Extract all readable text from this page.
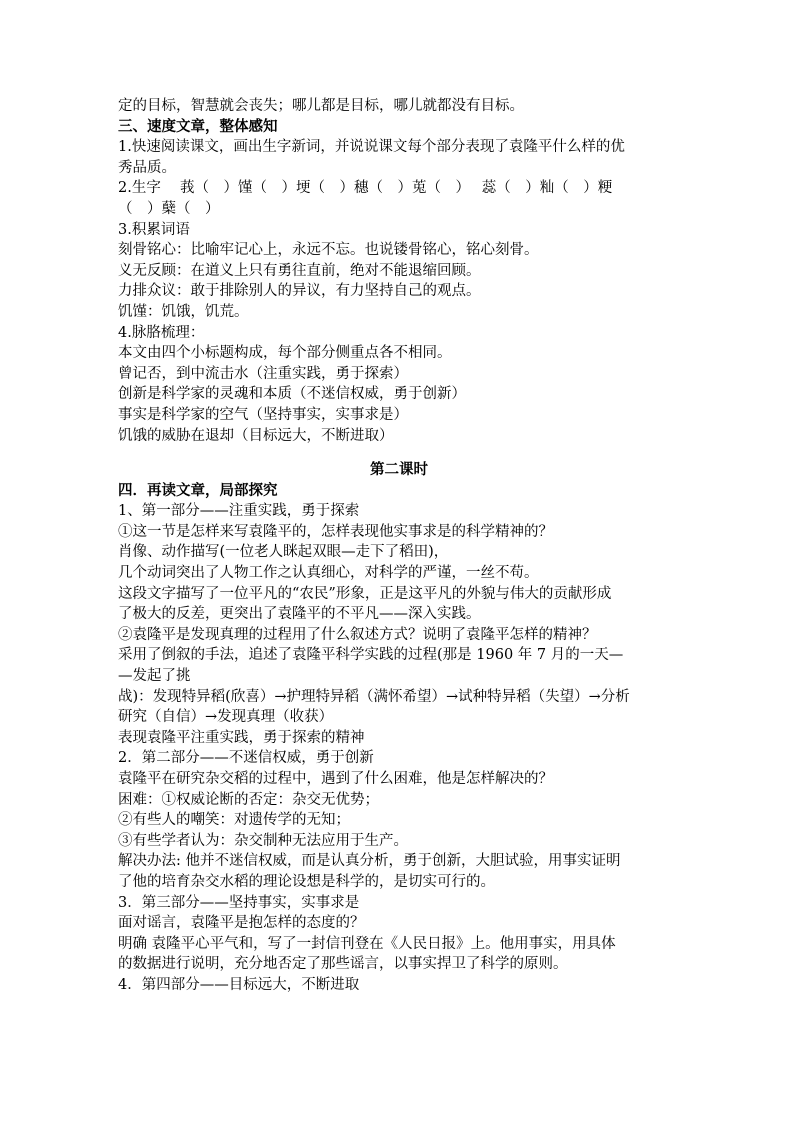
定的目标，智慧就会丧失；哪儿都是目标，哪儿就都没有目标。
三、速度文章，整体感知
1.快速阅读课文，画出生字新词，并说说课文每个部分表现了袁隆平什么样的优
秀品质。
2.生字　 莪（　）馑（　）埂（　）穗（　）莵（　）　 蕊（　）籼（　）粳
（　）蘖（　）
3.积累词语
刻骨铭心：比喻牢记心上，永远不忘。也说镂骨铭心，铭心刻骨。
义无反顾：在道义上只有勇往直前，绝对不能退缩回顾。
力排众议：敢于排除别人的异议，有力坚持自己的观点。
饥馑：饥饿，饥荒。
4.脉胳梳理：
本文由四个小标题构成，每个部分侧重点各不相同。
曾记否，到中流击水（注重实践，勇于探索）
创新是科学家的灵魂和本质（不迷信权威，勇于创新）
事实是科学家的空气（坚持事实，实事求是）
饥饿的威胁在退却（目标远大，不断进取）
第二课时
四．再读文章，局部探究
1、第一部分——注重实践，勇于探索
①这一节是怎样来写袁隆平的，怎样表现他实事求是的科学精神的？
肖像、动作描写(一位老人眯起双眼—走下了稻田)，
几个动词突出了人物工作之认真细心，对科学的严谨，一丝不苟。
这段文字描写了一位平凡的“农民”形象，正是这平凡的外貌与伟大的贡献形成
了极大的反差，更突出了袁隆平的不平凡——深入实践。
②袁隆平是发现真理的过程用了什么叙述方式？说明了袁隆平怎样的精神？
采用了倒叙的手法，追述了袁隆平科学实践的过程(那是 1960 年 7 月的一天—
—发起了挑
战)：发现特异稻(欣喜）→护理特异稻（满怀希望）→试种特异稻（失望）→分析
研究（自信）→发现真理（收获）
表现袁隆平注重实践，勇于探索的精神
2．第二部分——不迷信权威，勇于创新
袁隆平在研究杂交稻的过程中，遇到了什么困难，他是怎样解决的？
困难：①权威论断的否定：杂交无优势；
②有些人的嘲笑：对遗传学的无知；
③有些学者认为：杂交制种无法应用于生产。
解决办法: 他并不迷信权威，而是认真分析，勇于创新，大胆试验，用事实证明
了他的培育杂交水稻的理论设想是科学的，是切实可行的。
3．第三部分——坚持事实，实事求是
面对谣言，袁隆平是抱怎样的态度的？
明确 袁隆平心平气和，写了一封信刊登在《人民日报》上。他用事实，用具体
的数据进行说明，充分地否定了那些谣言，以事实捍卫了科学的原则。
4．第四部分——目标远大，不断进取
